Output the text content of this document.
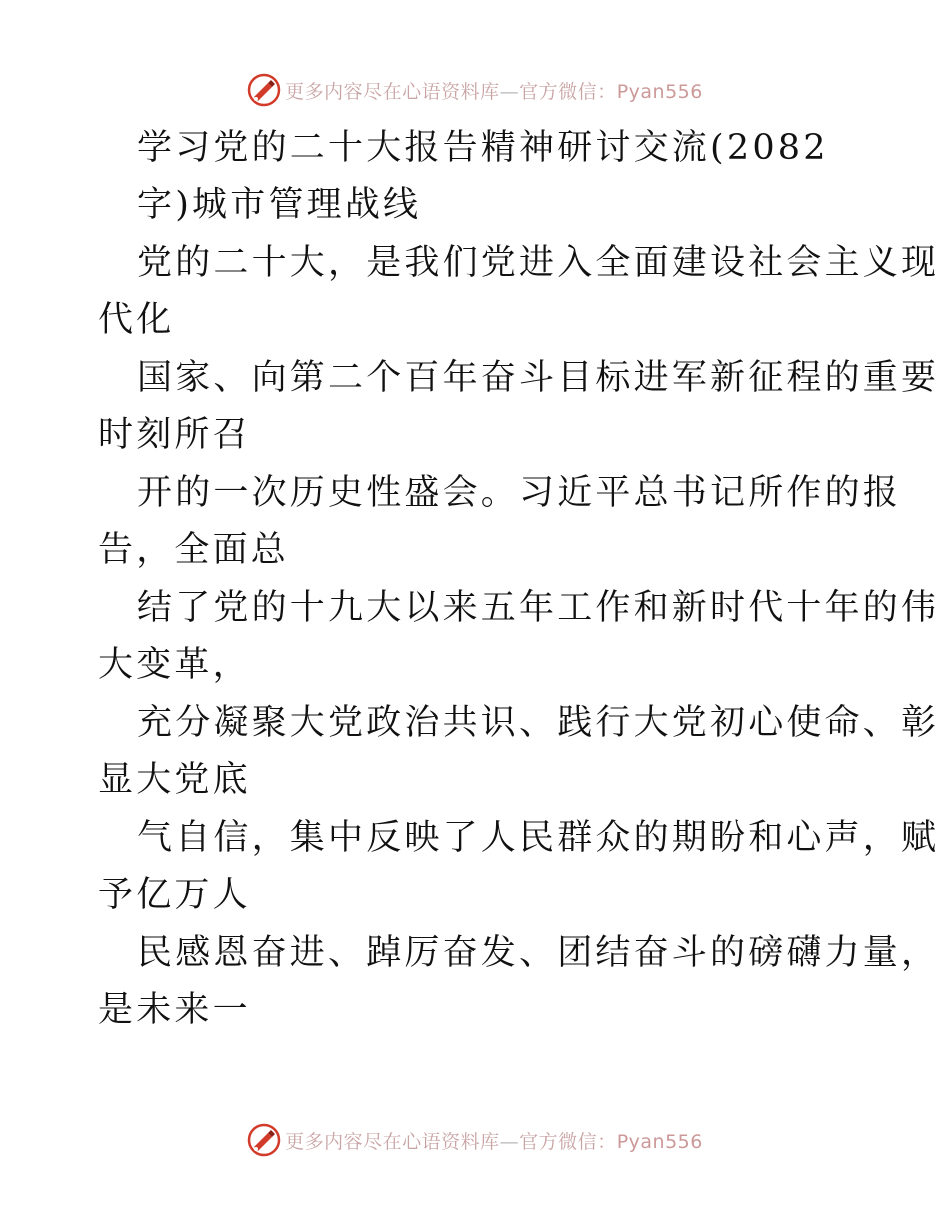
更多内容尽在心语资料库—官方微信：Pyan556
学习党的二十大报告精神研讨交流(2082
字)城市管理战线
党的二十大，是我们党进入全面建设社会主义现
代化
国家、向第二个百年奋斗目标进军新征程的重要
时刻所召
开的一次历史性盛会。习近平总书记所作的报
告，全面总
结了党的十九大以来五年工作和新时代十年的伟
大变革，
充分凝聚大党政治共识、践行大党初心使命、彰
显大党底
气自信，集中反映了人民群众的期盼和心声，赋
予亿万人
民感恩奋进、踔厉奋发、团结奋斗的磅礴力量，
是未来一
更多内容尽在心语资料库—官方微信：Pyan556
